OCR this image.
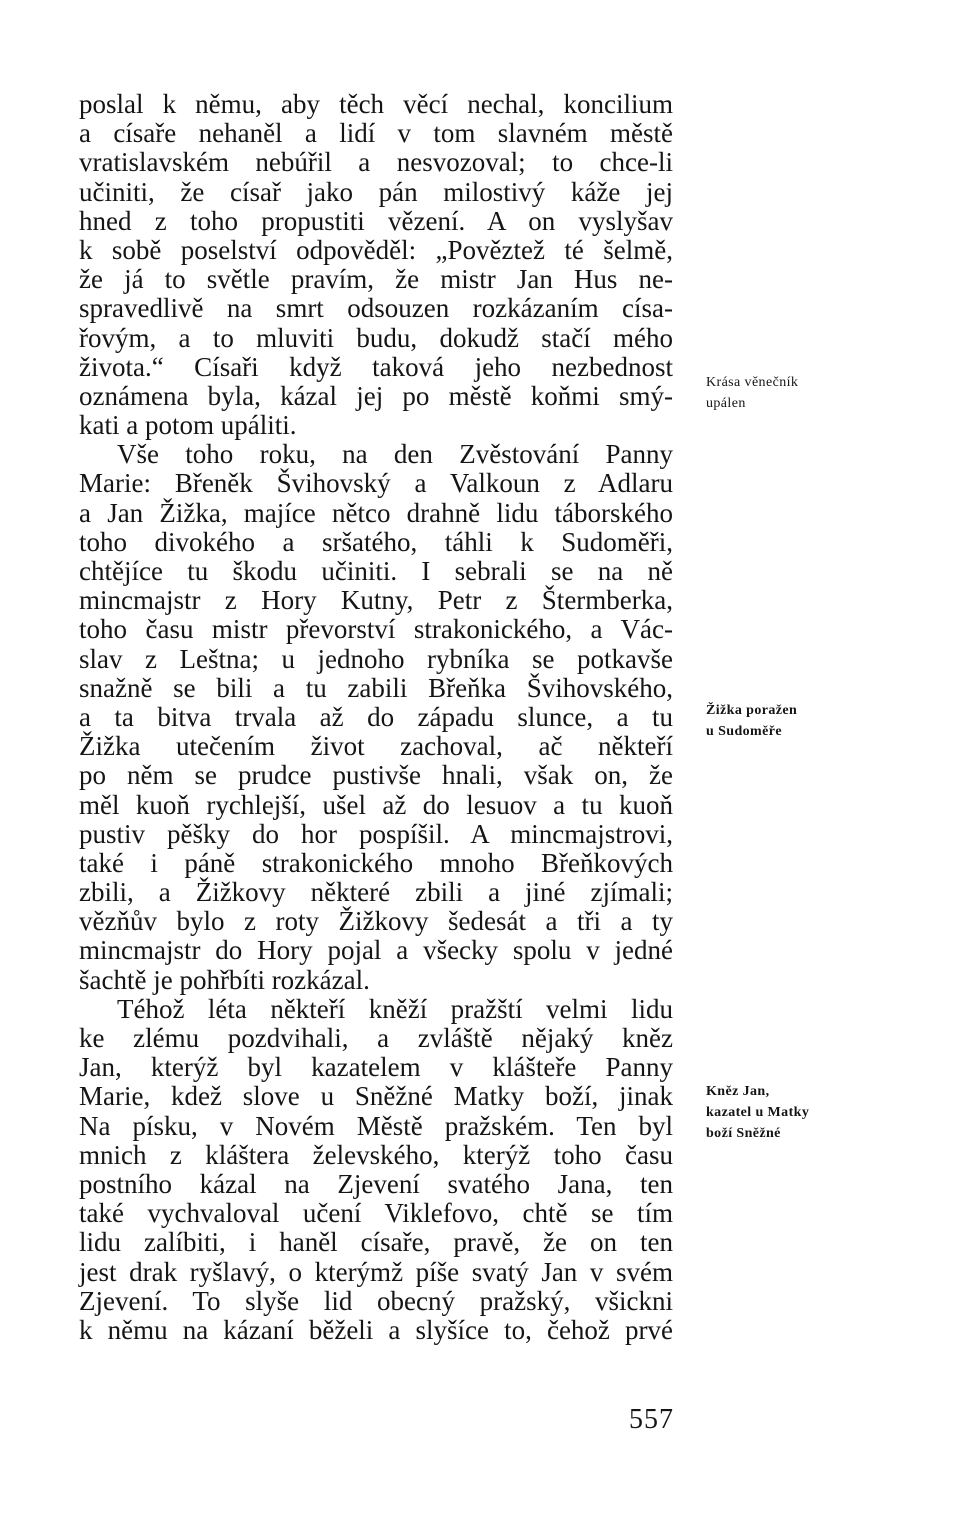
poslal k němu, aby těch věcí nechal, koncilium
a císaře nehaněl a lidí v tom slavném městě
vratislavském nebúřil a nesvozoval; to chce-li
učiniti, že císař jako pán milostivý káže jej
hned z toho propustiti vězení. A on vyslyšav
k sobě poselství odpověděl: „Pověztež té šelmě,
že já to světle pravím, že mistr Jan Hus ne-
spravedlivě na smrt odsouzen rozkázaním císa-
řovým, a to mluviti budu, dokudž stačí mého
života.“ Císaři když taková jeho nezbednost
oznámena byla, kázal jej po městě koňmi smý-
kati a potom upáliti.
Vše toho roku, na den Zvěstování Panny
Marie: Břeněk Švihovský a Valkoun z Adlaru
a Jan Žižka, majíce nětco drahně lidu táborského
toho divokého a sršatého, táhli k Sudoměři,
chtějíce tu škodu učiniti. I sebrali se na ně
mincmajstr z Hory Kutny, Petr z Štermberka,
toho času mistr převorství strakonického, a Vác-
slav z Leštna; u jednoho rybníka se potkavše
snažně se bili a tu zabili Břeňka Švihovského,
a ta bitva trvala až do západu slunce, a tu
Žižka utečením život zachoval, ač někteří
po něm se prudce pustivše hnali, však on, že
měl kuoň rychlejší, ušel až do lesuov a tu kuoň
pustiv pěšky do hor pospíšil. A mincmajstrovi,
také i páně strakonického mnoho Břeňkových
zbili, a Žižkovy některé zbili a jiné zjímali;
vězňův bylo z roty Žižkovy šedesát a tři a ty
mincmajstr do Hory pojal a všecky spolu v jedné
šachtě je pohřbíti rozkázal.
Téhož léta někteří kněží pražští velmi lidu
ke zlému pozdvihali, a zvláště nějaký kněz
Jan, kterýž byl kazatelem v klášteře Panny
Marie, kdež slove u Sněžné Matky boží, jinak
Na písku, v Novém Městě pražském. Ten byl
mnich z kláštera želevského, kterýž toho času
postního kázal na Zjevení svatého Jana, ten
také vychvaloval učení Viklefovo, chtě se tím
lidu zalíbiti, i haněl císaře, pravě, že on ten
jest drak ryšlavý, o kterýmž píše svatý Jan v svém
Zjevení. To slyše lid obecný pražský, všickni
k němu na kázaní běželi a slyšíce to, čehož prvé
Krása věnečník
upálen
Žižka poražen
u Sudoměře
Kněz Jan,
kazatel u Matky
boží Sněžné
557
